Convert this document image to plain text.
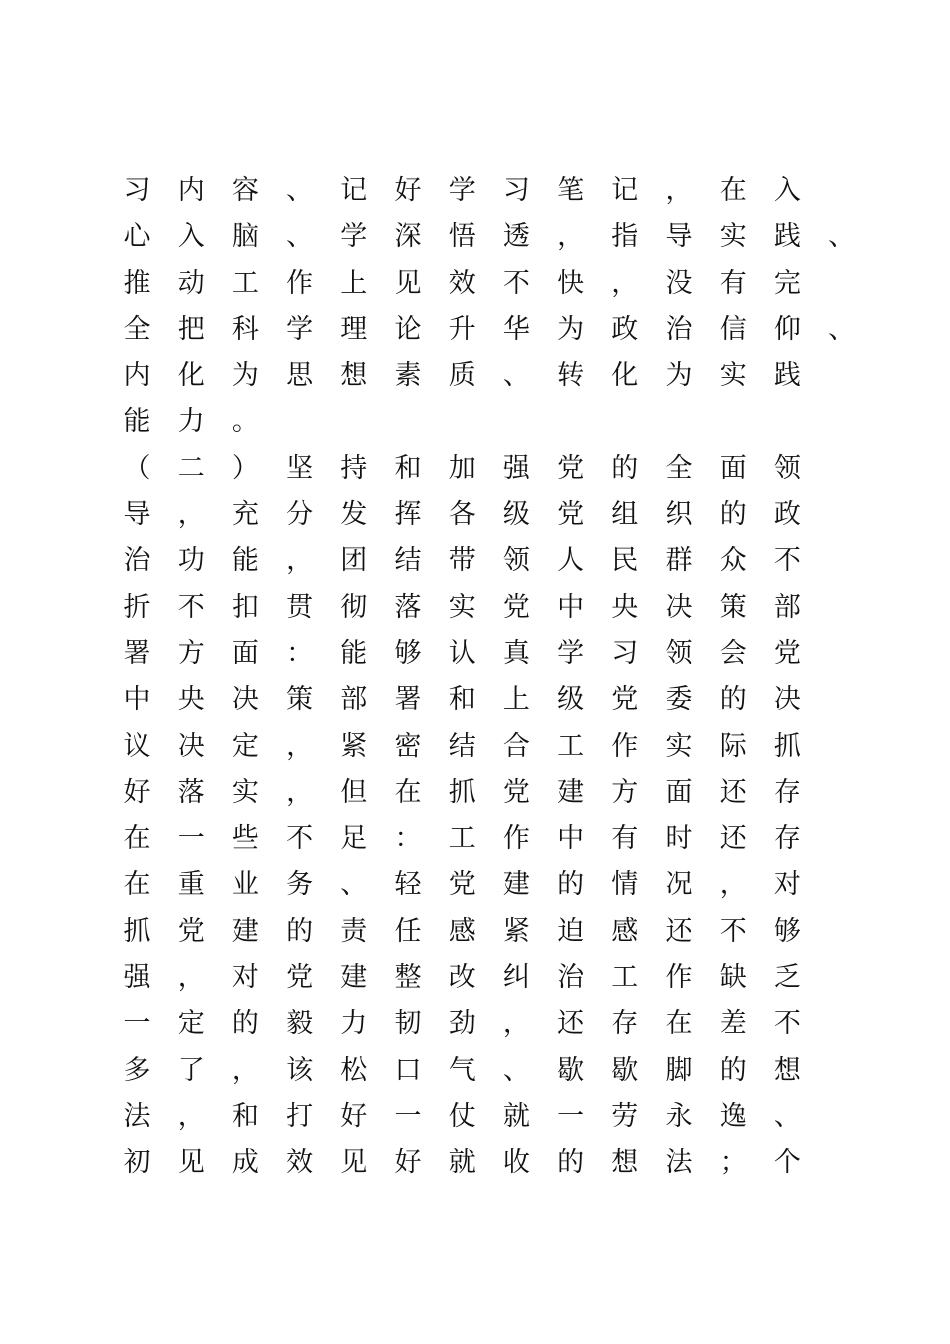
习	内	容	、	记	好	学	习	笔	记	，	在	入
心	入	脑	、	学	深	悟	透	，	指	导	实	践	、
推	动	工	作	上	见	效	不	快	，	没	有	完
全	把	科	学	理	论	升	华	为	政	治	信	仰	、
内	化	为	思	想	素	质	、	转	化	为	实	践
能	力	。
（	二	）	坚	持	和	加	强	党	的	全	面	领
导	，	充	分	发	挥	各	级	党	组	织	的	政
治	功	能	，	团	结	带	领	人	民	群	众	不
折	不	扣	贯	彻	落	实	党	中	央	决	策	部
署	方	面	：	能	够	认	真	学	习	领	会	党
中	央	决	策	部	署	和	上	级	党	委	的	决
议	决	定	，	紧	密	结	合	工	作	实	际	抓
好	落	实	，	但	在	抓	党	建	方	面	还	存
在	一	些	不	足	：	工	作	中	有	时	还	存
在	重	业	务	、	轻	党	建	的	情	况	，	对
抓	党	建	的	责	任	感	紧	迫	感	还	不	够
强	，	对	党	建	整	改	纠	治	工	作	缺	乏
一	定	的	毅	力	韧	劲	，	还	存	在	差	不
多	了	，	该	松	口	气	、	歇	歇	脚	的	想
法	，	和	打	好	一	仗	就	一	劳	永	逸	、
初	见	成	效	见	好	就	收	的	想	法	；	个
